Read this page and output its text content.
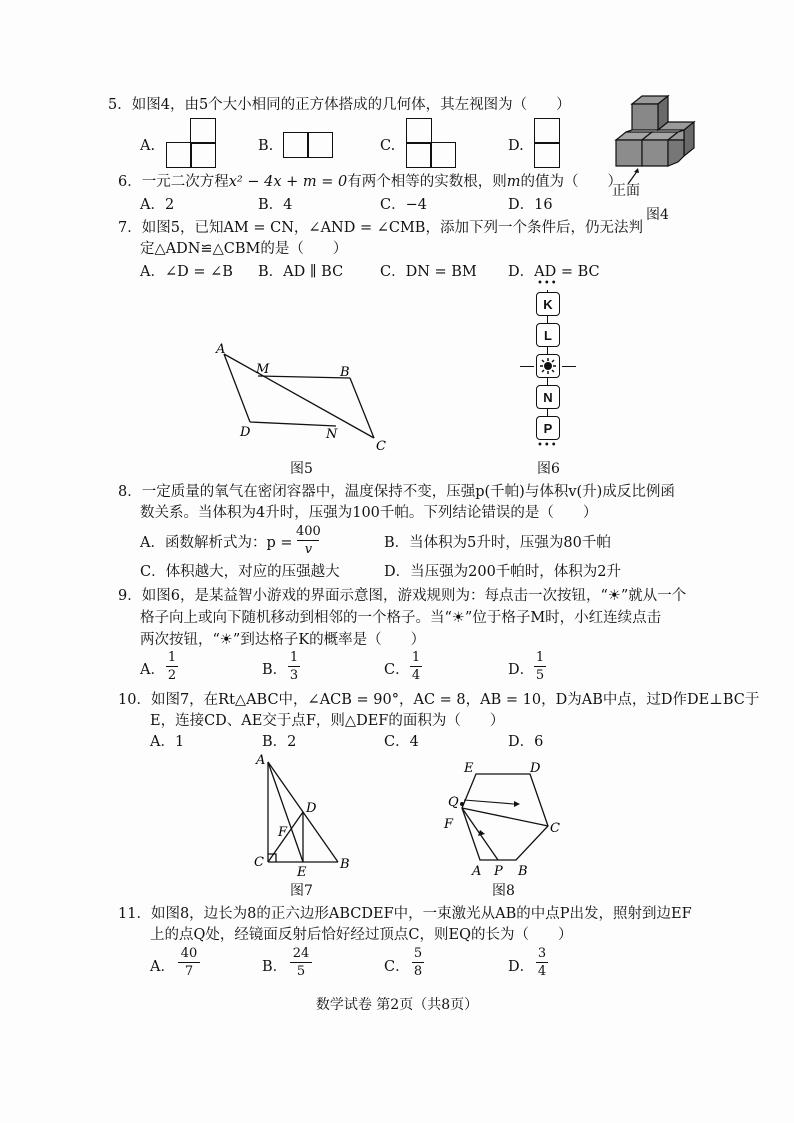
5．如图4，由5个大小相同的正方体搭成的几何体，其左视图为（　　）
A.	B.	C.	D.
正面
图4
6．一元二次方程x² − 4x + m = 0有两个相等的实数根，则m的值为（　　）
A．2	B．4	C．−4	D．16
7．如图5，已知AM = CN，∠AND = ∠CMB，添加下列一个条件后，仍无法判
定△ADN≌△CBM的是（　　）
A．∠D = ∠B B．AD ∥ BC	C．DN = BM D．AD = BC
A
M	B
D	N
C
图5
•••
K
L
N
P
•••
图6
8．一定质量的氧气在密闭容器中，温度保持不变，压强p(千帕)与体积v(升)成反比例函
数关系。当体积为4升时，压强为100千帕。下列结论错误的是（　　）
A．函数解析式为：p =
400
v	B．当体积为5升时，压强为80千帕
C．体积越大，对应的压强越大	D．当压强为200千帕时，体积为2升
9．如图6，是某益智小游戏的界面示意图，游戏规则为：每点击一次按钮，“☀”就从一个
格子向上或向下随机移动到相邻的一个格子。当“☀”位于格子M时，小红连续点击
两次按钮，“☀”到达格子K的概率是（　　）
A．
1
2	B．
1
3	C．
1
4	D．
1
5
10．如图7，在Rt△ABC中，∠ACB = 90°，AC = 8，AB = 10，D为AB中点，过D作DE⊥BC于
E，连接CD、AE交于点F，则△DEF的面积为（　　）
A．1	B．2	C．4	D．6
A
D
F
C
E
B
图7
E	D
Q
F	C
A P B
图8
11．如图8，边长为8的正六边形ABCDEF中，一束激光从AB的中点P出发，照射到边EF
上的点Q处，经镜面反射后恰好经过顶点C，则EQ的长为（　　）
A．
40
7	B．
24
5	C．
5
8	D．
3
4
数学试卷 第2页（共8页）
